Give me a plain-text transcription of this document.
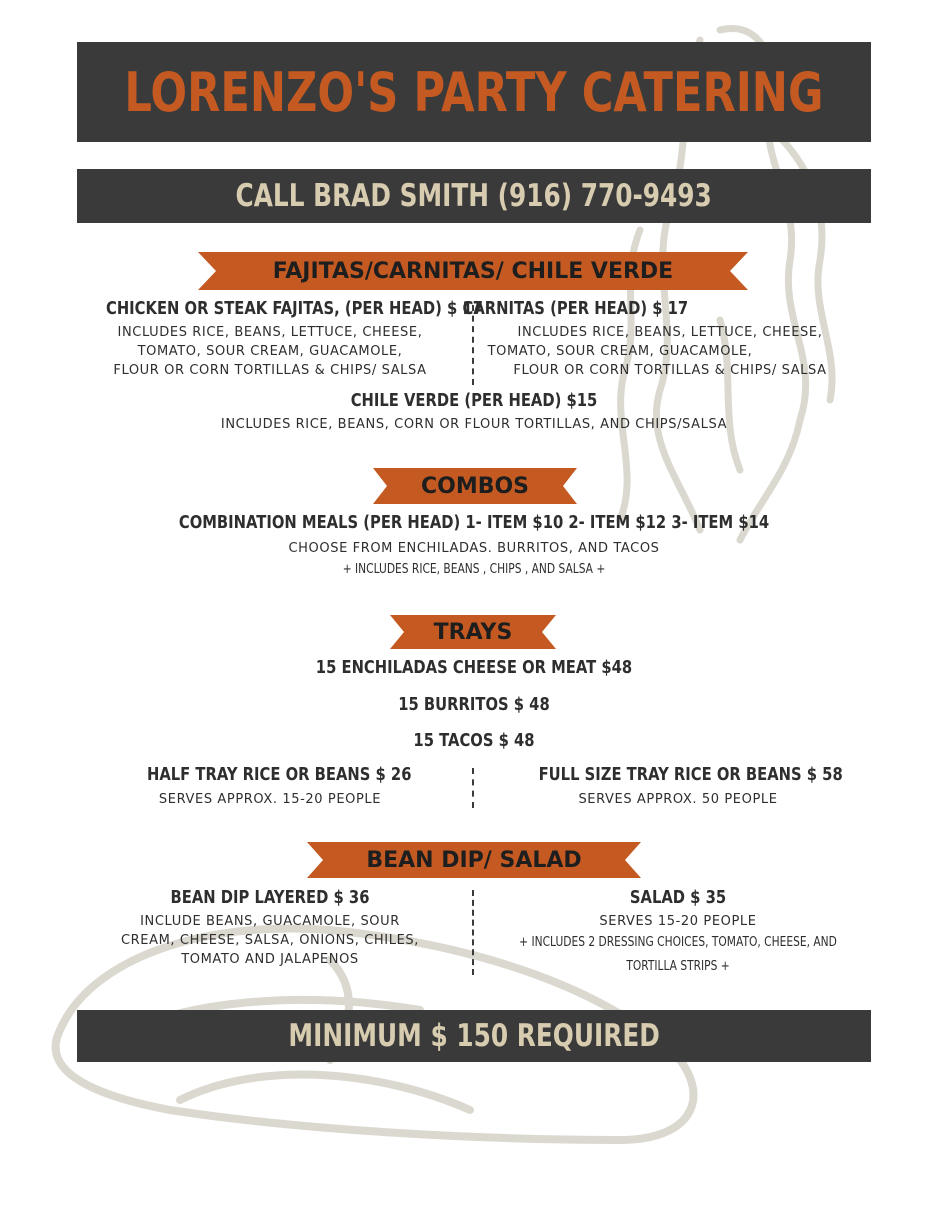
LORENZO'S PARTY CATERING
CALL BRAD SMITH (916) 770-9493
FAJITAS/CARNITAS/ CHILE VERDE
CHICKEN OR STEAK FAJITAS, (PER HEAD) $ 17
INCLUDES RICE, BEANS, LETTUCE, CHEESE,
TOMATO, SOUR CREAM, GUACAMOLE,
FLOUR OR CORN TORTILLAS & CHIPS/ SALSA
CARNITAS (PER HEAD) $ 17
INCLUDES RICE, BEANS, LETTUCE, CHEESE,
TOMATO, SOUR CREAM, GUACAMOLE,
FLOUR OR CORN TORTILLAS & CHIPS/ SALSA
CHILE VERDE (PER HEAD) $15
INCLUDES RICE, BEANS, CORN OR FLOUR TORTILLAS, AND CHIPS/SALSA
COMBOS
COMBINATION MEALS (PER HEAD) 1- ITEM $10 2- ITEM $12 3- ITEM $14
CHOOSE FROM ENCHILADAS. BURRITOS, AND TACOS
+ INCLUDES RICE, BEANS , CHIPS , AND SALSA +
TRAYS
15 ENCHILADAS CHEESE OR MEAT $48
15 BURRITOS $ 48
15 TACOS $ 48
HALF TRAY RICE OR BEANS $ 26
SERVES APPROX. 15-20 PEOPLE
FULL SIZE TRAY RICE OR BEANS $ 58
SERVES APPROX. 50 PEOPLE
BEAN DIP/ SALAD
BEAN DIP LAYERED $ 36
INCLUDE BEANS, GUACAMOLE, SOUR
CREAM, CHEESE, SALSA, ONIONS, CHILES,
TOMATO AND JALAPENOS
SALAD $ 35
SERVES 15-20 PEOPLE
+ INCLUDES 2 DRESSING CHOICES, TOMATO, CHEESE, AND
TORTILLA STRIPS +
MINIMUM $ 150 REQUIRED
